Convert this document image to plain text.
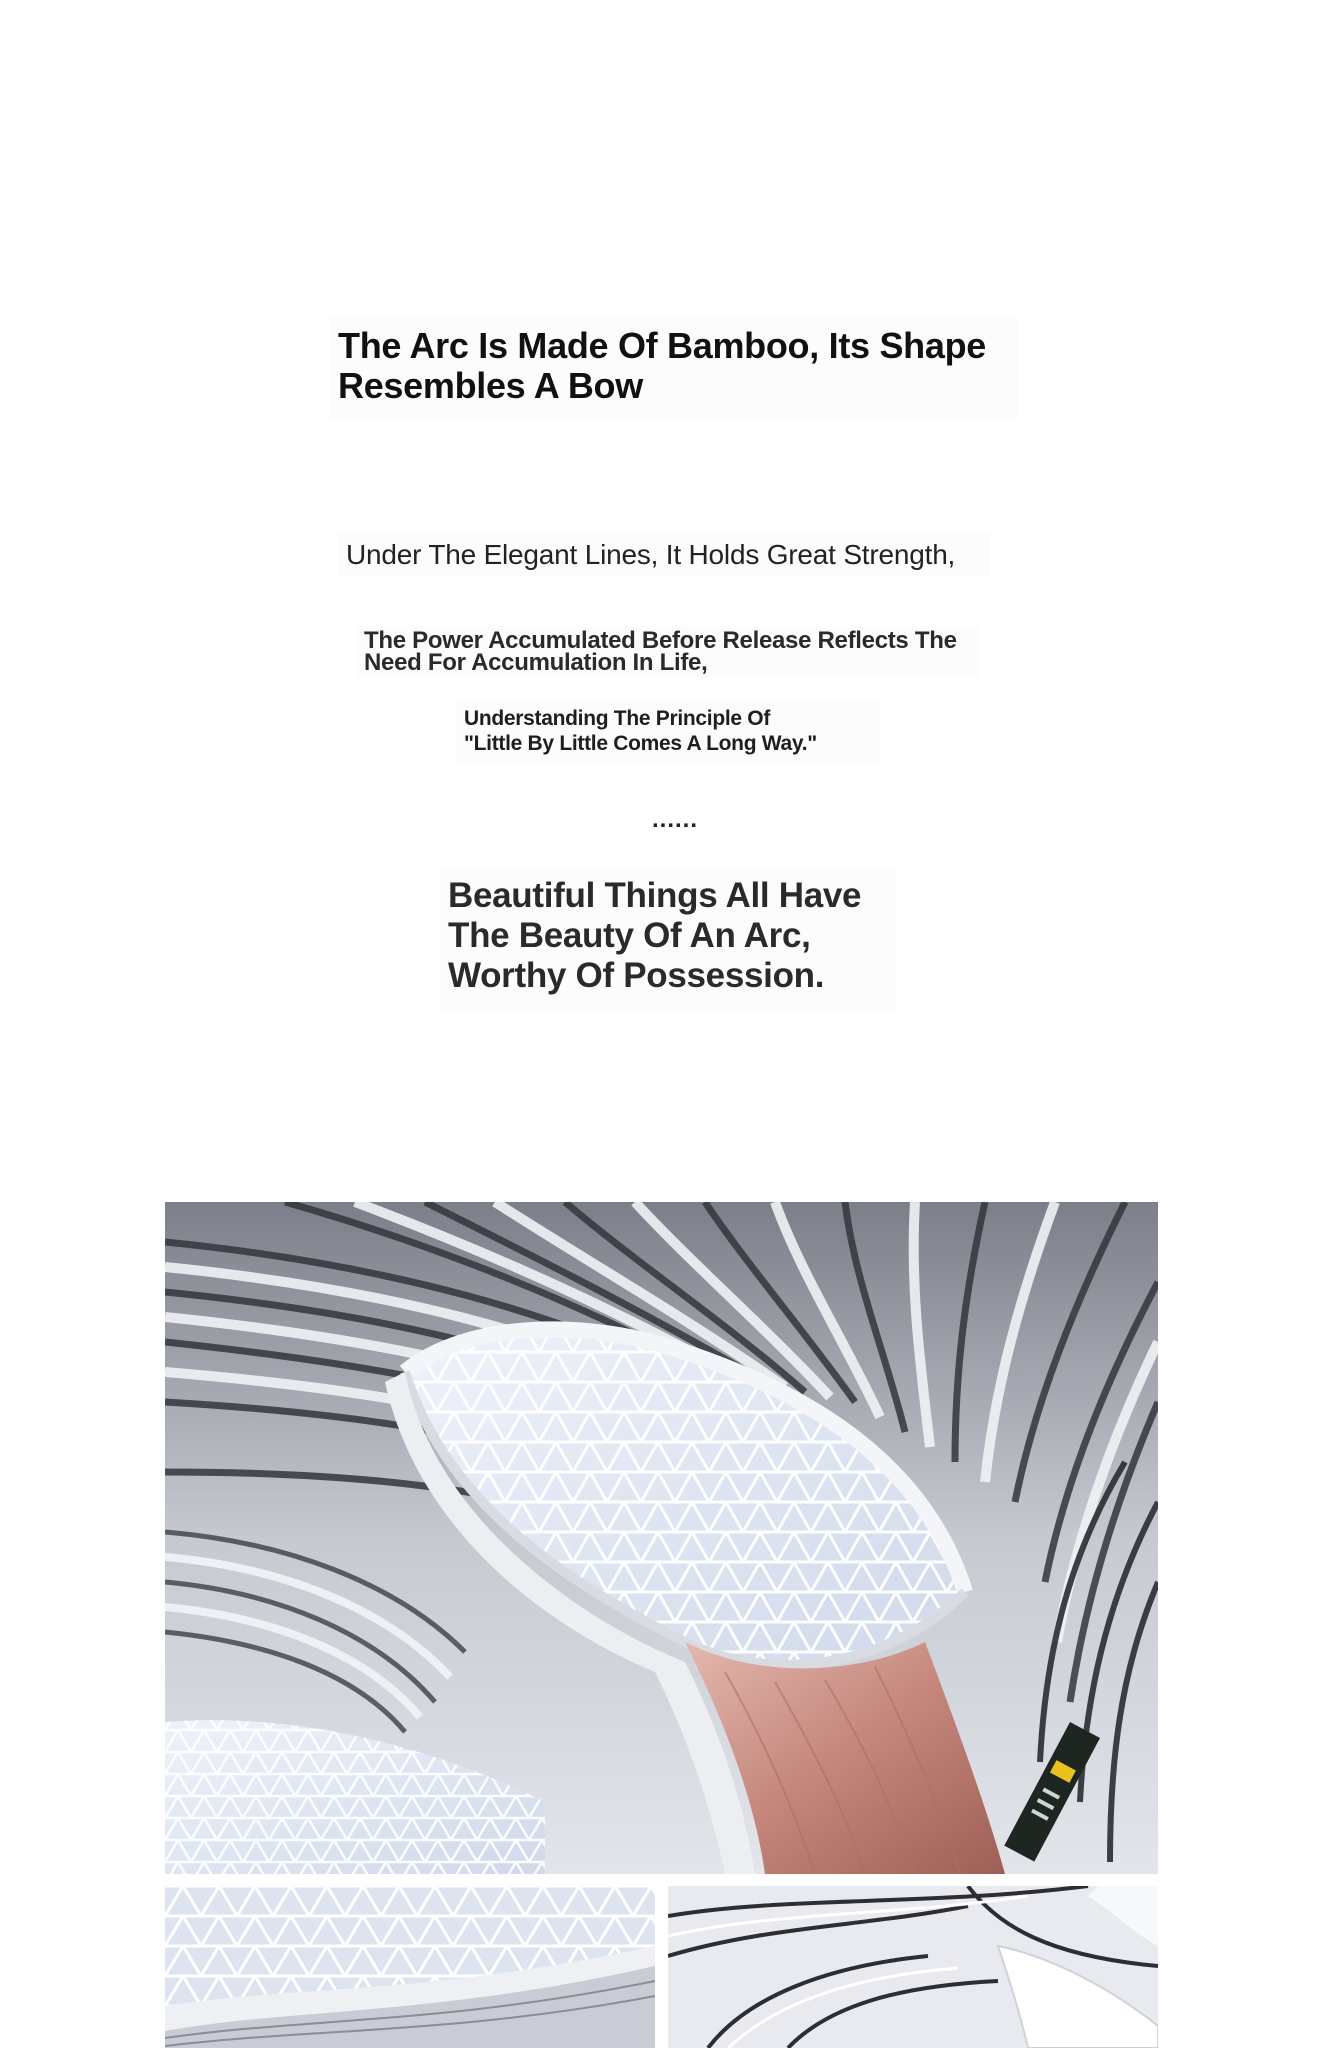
The Arc Is Made Of Bamboo, Its Shape Resembles A Bow

Under The Elegant Lines, It Holds Great Strength,

The Power Accumulated Before Release Reflects The Need For Accumulation In Life,

Understanding The Principle Of
"Little By Little Comes A Long Way."

......

Beautiful Things All Have
The Beauty Of An Arc,
Worthy Of Possession.
